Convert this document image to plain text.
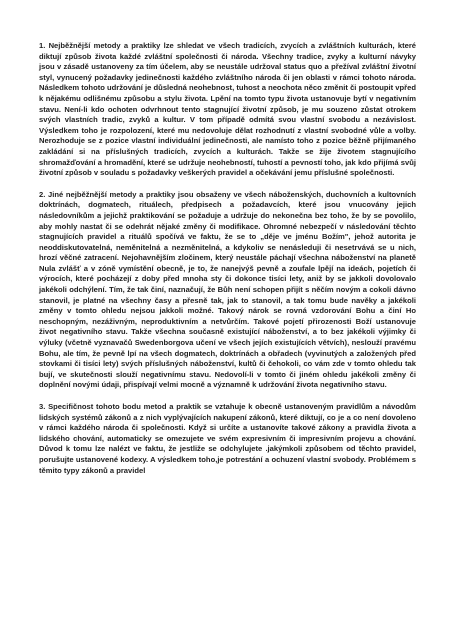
1. Nejběžnější metody a praktiky lze shledat ve všech tradicích, zvycích a zvláštních kulturách, které diktují způsob života každé zvláštní společnosti či národa. Všechny tradice, zvyky a kulturní návyky jsou v zásadě ustanoveny za tím účelem, aby se neustále udržoval status quo a přežíval zvláštní životní styl, vynucený požadavky jedinečnosti každého zvláštního národa či jen oblasti v rámci tohoto národa. Následkem tohoto udržování je důsledná neohebnost, tuhost a neochota něco změnit či postoupit vpřed k nějakému odlišnému způsobu a stylu života. Lpění na tomto typu života ustanovuje bytí v negativním stavu. Není-li kdo ochoten odvrhnout tento stagnující životní způsob, je mu souzeno zůstat otrokem svých vlastních tradic, zvyků a kultur. V tom případě odmítá svou vlastní svobodu a nezávislost. Výsledkem toho je rozpolození, které mu nedovoluje dělat rozhodnutí z vlastní svobodné vůle a volby. Nerozhoduje se z pozice vlastní individuální jedinečnosti, ale namísto toho z pozice běžně přijímaného zakládání si na příslušných tradicích, zvycích a kulturách. Takže se žije životem stagnujícího shromažďování a hromadění, které se udržuje neohebností, tuhostí a pevností toho, jak kdo přijímá svůj životní způsob v souladu s požadavky veškerých pravidel a očekávání jemu příslušné společnosti.

2. Jiné nejběžnější metody a praktiky jsou obsaženy ve všech náboženských, duchovních a kultovních doktrínách, dogmatech, rituálech, předpisech a požadavcích, které jsou vnucovány jejich následovníkům a jejichž praktikování se požaduje a udržuje do nekonečna bez toho, že by se povolilo, aby mohly nastat či se odehrát nějaké změny či modifikace. Ohromné nebezpečí v následování těchto stagnujících pravidel a rituálů spočívá ve faktu, že se to „děje ve jménu Božím", jehož autorita je neoddiskutovatelná, neměnitelná a nezměnitelná, a kdykoliv se nenásleduji či nesetrvává se u nich, hrozí věčné zatracení. Nejohavnějším zločinem, který neustále páchají všechna náboženství na planetě Nula zvlášť a v zóně vymístění obecně, je to, že nanejvýš pevně a zoufale lpějí na ideách, pojetích či výrocích, které pocházejí z doby před mnoha sty či dokonce tisíci lety, aniž by se jakkoli dovolovalo jakékoli odchýlení. Tím, že tak činí, naznačují, že Bůh není schopen přijít s něčím novým a cokoli dávno stanovil, je platné na všechny časy a přesně tak, jak to stanovil, a tak tomu bude navěky a jakékoli změny v tomto ohledu nejsou jakkoli možné. Takový nárok se rovná vzdorování Bohu a činí Ho neschopným, nezáživným, neproduktivním a netvůrčím. Takové pojetí přirozenosti Boží ustanovuje život negativního stavu. Takže všechna současně existující náboženství, a to bez jakékoli výjimky či výluky (včetně vyznavačů Swedenborgova učení ve všech jejích existujících větvích), neslouží pravému Bohu, ale tím, že pevně lpí na všech dogmatech, doktrínách a obřadech (vyvinutých a založených před stovkami či tisíci lety) svých příslušných náboženství, kultů či čehokoli, co vám zde v tomto ohledu tak bují, ve skutečnosti slouží negativnímu stavu. Nedovolí-li v tomto či jiném ohledu jakékoli změny či doplnění novými údaji, přispívají velmi mocně a významně k udržování života negativního stavu.

3. Specifičnost tohoto bodu metod a praktik se vztahuje k obecně ustanoveným pravidlům a návodům lidských systémů zákonů a z nich vyplývajících nakupení zákonů, které diktují, co je a co není dovoleno v rámci každého národa či společnosti. Když si určíte a ustanovíte takové zákony a pravidla života a lidského chování, automaticky se omezujete ve svém expresivním či impresivním projevu a chování. Důvod k tomu lze nalézt ve faktu, že jestliže se odchylujete .jakýmkoli způsobem od těchto pravidel, porušujte ustanovené kodexy. A výsledkem toho,je potrestání a ochuzení vlastní svobody. Problémem s těmito typy zákonů a pravidel
